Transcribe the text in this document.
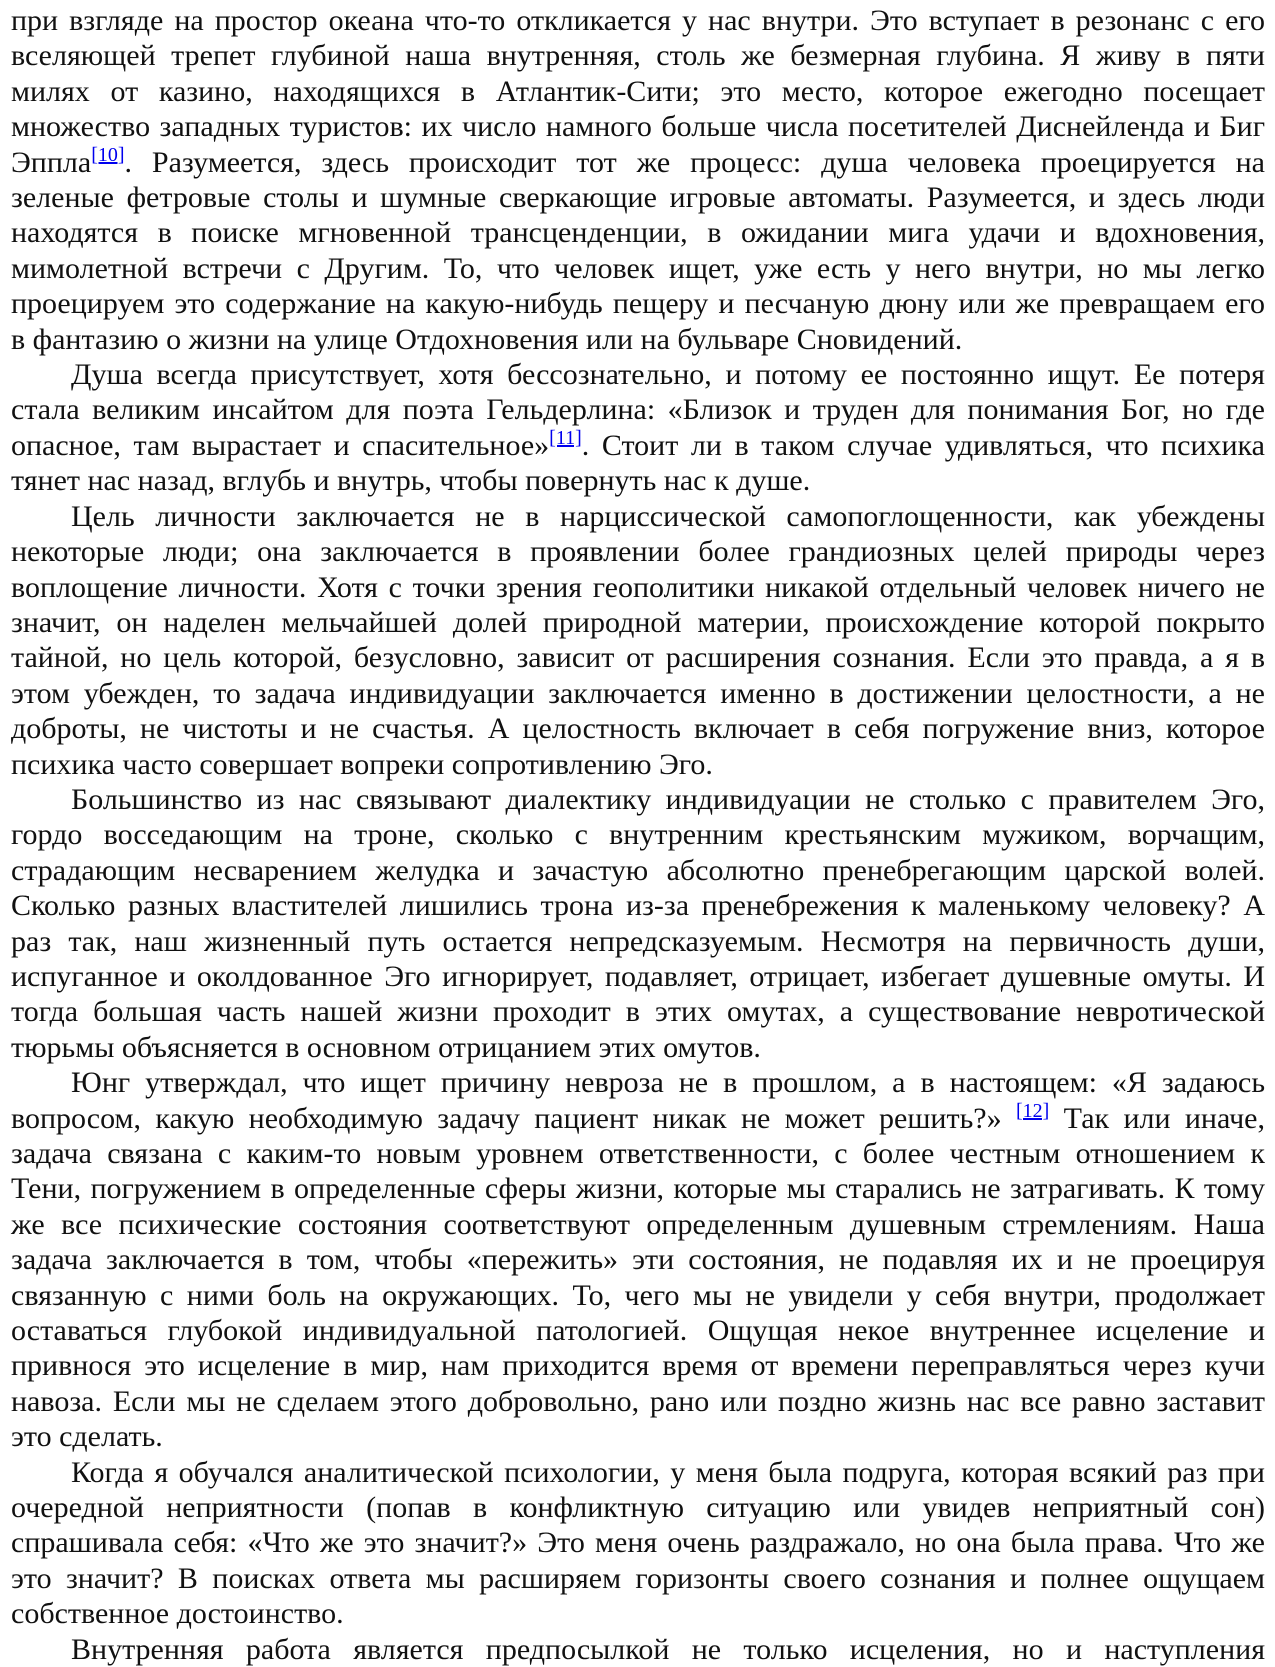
при взгляде на простор океана что-то откликается у нас внутри. Это вступает в резонанс с его
вселяющей трепет глубиной наша внутренняя, столь же безмерная глубина. Я живу в пяти
милях от казино, находящихся в Атлантик-Сити; это место, которое ежегодно посещает
множество западных туристов: их число намного больше числа посетителей Диснейленда и Биг
Эппла[10]. Разумеется, здесь происходит тот же процесс: душа человека проецируется на
зеленые фетровые столы и шумные сверкающие игровые автоматы. Разумеется, и здесь люди
находятся в поиске мгновенной трансценденции, в ожидании мига удачи и вдохновения,
мимолетной встречи с Другим. То, что человек ищет, уже есть у него внутри, но мы легко
проецируем это содержание на какую-нибудь пещеру и песчаную дюну или же превращаем его
в фантазию о жизни на улице Отдохновения или на бульваре Сновидений.
Душа всегда присутствует, хотя бессознательно, и потому ее постоянно ищут. Ее потеря
стала великим инсайтом для поэта Гельдерлина: «Близок и труден для понимания Бог, но где
опасное, там вырастает и спасительное»[11]. Стоит ли в таком случае удивляться, что психика
тянет нас назад, вглубь и внутрь, чтобы повернуть нас к душе.
Цель личности заключается не в нарциссической самопоглощенности, как убеждены
некоторые люди; она заключается в проявлении более грандиозных целей природы через
воплощение личности. Хотя с точки зрения геополитики никакой отдельный человек ничего не
значит, он наделен мельчайшей долей природной материи, происхождение которой покрыто
тайной, но цель которой, безусловно, зависит от расширения сознания. Если это правда, а я в
этом убежден, то задача индивидуации заключается именно в достижении целостности, а не
доброты, не чистоты и не счастья. А целостность включает в себя погружение вниз, которое
психика часто совершает вопреки сопротивлению Эго.
Большинство из нас связывают диалектику индивидуации не столько с правителем Эго,
гордо восседающим на троне, сколько с внутренним крестьянским мужиком, ворчащим,
страдающим несварением желудка и зачастую абсолютно пренебрегающим царской волей.
Сколько разных властителей лишились трона из-за пренебрежения к маленькому человеку? А
раз так, наш жизненный путь остается непредсказуемым. Несмотря на первичность души,
испуганное и околдованное Эго игнорирует, подавляет, отрицает, избегает душевные омуты. И
тогда большая часть нашей жизни проходит в этих омутах, а существование невротической
тюрьмы объясняется в основном отрицанием этих омутов.
Юнг утверждал, что ищет причину невроза не в прошлом, а в настоящем: «Я задаюсь
вопросом, какую необходимую задачу пациент никак не может решить?» [12] Так или иначе,
задача связана с каким-то новым уровнем ответственности, с более честным отношением к
Тени, погружением в определенные сферы жизни, которые мы старались не затрагивать. К тому
же все психические состояния соответствуют определенным душевным стремлениям. Наша
задача заключается в том, чтобы «пережить» эти состояния, не подавляя их и не проецируя
связанную с ними боль на окружающих. То, чего мы не увидели у себя внутри, продолжает
оставаться глубокой индивидуальной патологией. Ощущая некое внутреннее исцеление и
привнося это исцеление в мир, нам приходится время от времени переправляться через кучи
навоза. Если мы не сделаем этого добровольно, рано или поздно жизнь нас все равно заставит
это сделать.
Когда я обучался аналитической психологии, у меня была подруга, которая всякий раз при
очередной неприятности (попав в конфликтную ситуацию или увидев неприятный сон)
спрашивала себя: «Что же это значит?» Это меня очень раздражало, но она была права. Что же
это значит? В поисках ответа мы расширяем горизонты своего сознания и полнее ощущаем
собственное достоинство.
Внутренняя работа является предпосылкой не только исцеления, но и наступления
